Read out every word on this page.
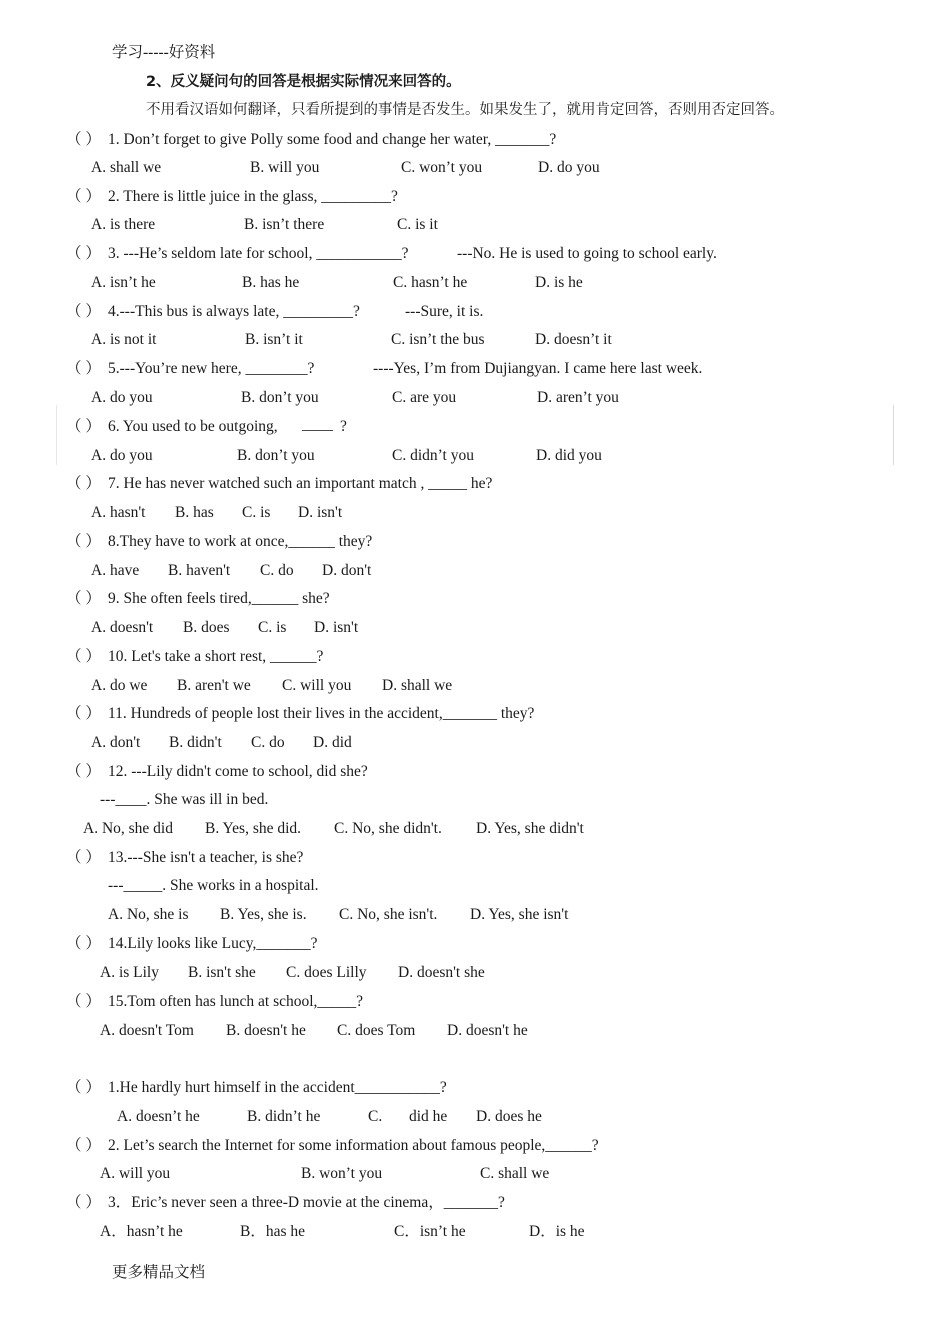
学习-----好资料
2、反义疑问句的回答是根据实际情况来回答的。
不用看汉语如何翻译，只看所提到的事情是否发生。如果发生了，就用肯定回答，否则用否定回答。
（ ） 1. Don’t forget to give Polly some food and change her water, _______?
A. shall we	B. will you	C. won’t you	D. do you
（ ） 2. There is little juice in the glass, _________?
A. is there	B. isn’t there	C. is it
（ ） 3. ---He’s seldom late for school, ___________?	---No. He is used to going to school early.
A. isn’t he	B. has he	C. hasn’t he	D. is he
（ ） 4.---This bus is always late, _________?	---Sure, it is.
A. is not it	B. isn’t it	C. isn’t the bus	D. doesn’t it
（ ） 5.---You’re new here, ________?	----Yes, I’m from Dujiangyan. I came here last week.
A. do you	B. don’t you	C. are you	D. aren’t you
（ ） 6. You used to be outgoing, ____ ?
A. do you	B. don’t you	C. didn’t you	D. did you
（ ） 7. He has never watched such an important match , _____ he?
A. hasn't B. has C. is D. isn't
（ ） 8.They have to work at once,______ they?
A. have B. haven't C. do D. don't
（ ） 9. She often feels tired,______ she?
A. doesn't B. does C. is D. isn't
（ ） 10. Let's take a short rest, ______?
A. do we B. aren't we C. will you D. shall we
（ ） 11. Hundreds of people lost their lives in the accident,_______ they?
A. don't B. didn't C. do D. did
（ ） 12. ---Lily didn't come to school, did she?
---____. She was ill in bed.
A. No, she did B. Yes, she did. C. No, she didn't. D. Yes, she didn't
（ ） 13.---She isn't a teacher, is she?
---_____. She works in a hospital.
A. No, she is B. Yes, she is. C. No, she isn't. D. Yes, she isn't
（ ） 14.Lily looks like Lucy,_______?
A. is Lily B. isn't she C. does Lilly D. doesn't she
（ ） 15.Tom often has lunch at school,_____?
A. doesn't Tom B. doesn't he C. does Tom D. doesn't he
（ ） 1.He hardly hurt himself in the accident___________?
A. doesn’t he	B. didn’t he	C. did he D. does he
（ ） 2. Let’s search the Internet for some information about famous people,______?
A. will you	B. won’t you	C. shall we
（ ） 3．Eric’s never seen a three-D movie at the cinema，_______?
A．hasn’t he	B．has he	C．isn’t he	D．is he
更多精品文档
